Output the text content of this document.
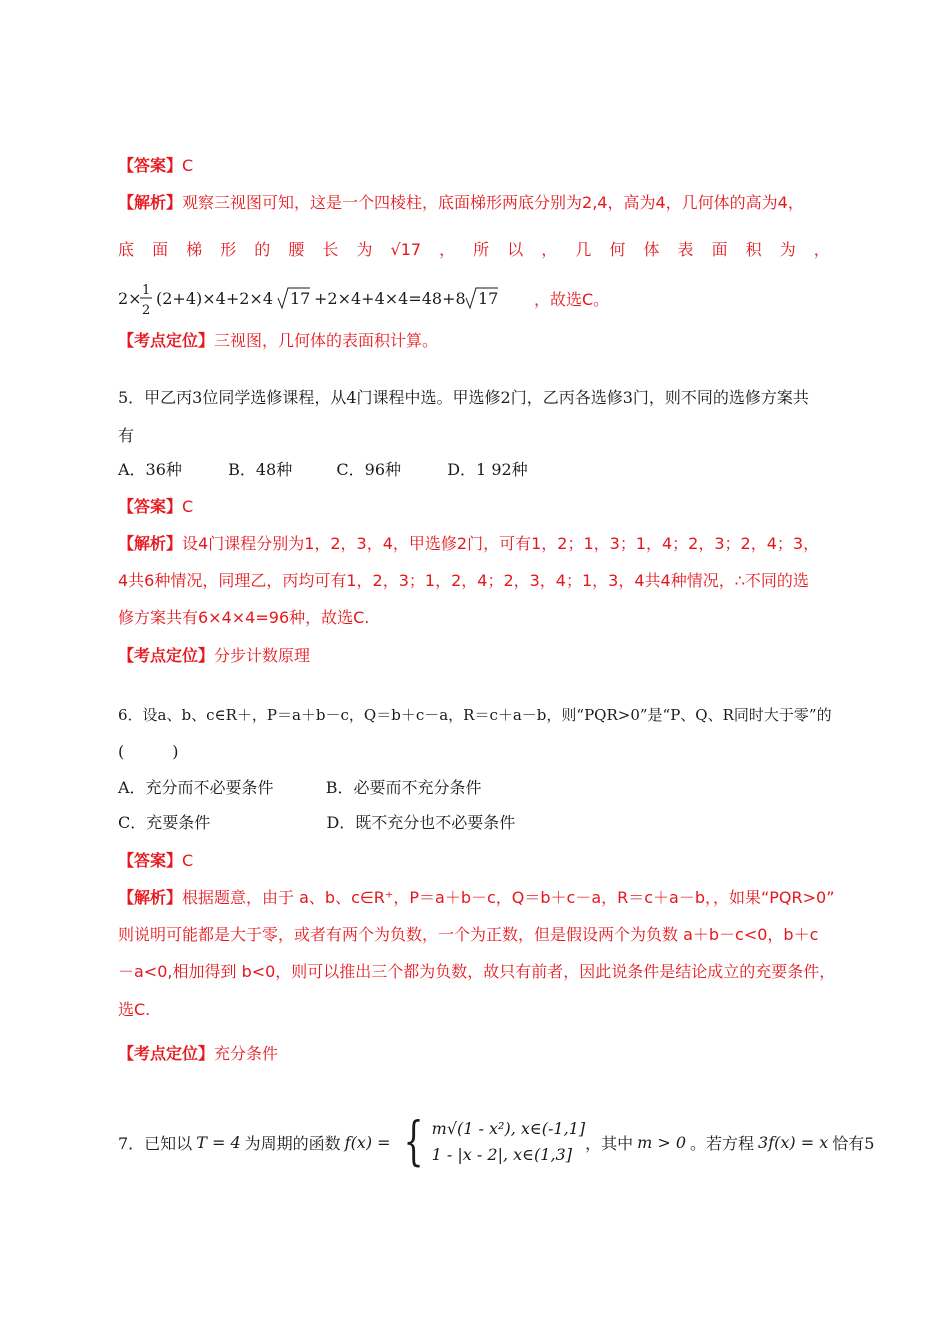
【答案】C
【解析】观察三视图可知，这是一个四棱柱，底面梯形两底分别为2,4，高为4，几何体的高为4，
底 面 梯 形 的 腰 长 为 √17 ， 所 以 ， 几 何 体 表 面 积 为 ，
2× 1
2
(2+4)×4+2×4 17 +2×4+4×4=48+8 17 ，故选C。
【考点定位】三视图，几何体的表面积计算。
5．甲乙丙3位同学选修课程，从4门课程中选。甲选修2门，乙丙各选修3门，则不同的选修方案共
有
A．36种	B．48种	C．96种	D．1 92种
【答案】C
【解析】设4门课程分别为1，2，3，4，甲选修2门，可有1，2；1，3；1，4；2，3；2，4；3，
4共6种情况，同理乙，丙均可有1，2，3；1，2，4；2，3，4；1，3，4共4种情况，∴不同的选
修方案共有6×4×4=96种，故选C.
【考点定位】分步计数原理
6．设a、b、c∈R＋，P＝a＋b－c，Q＝b＋c－a，R＝c＋a－b，则“PQR>0”是“P、Q、R同时大于零”的
(　　　)
A．充分而不必要条件	B．必要而不充分条件
C．充要条件	D．既不充分也不必要条件
【答案】C
【解析】根据题意，由于 a、b、c∈R⁺，P＝a＋b－c，Q＝b＋c－a，R＝c＋a－b，，如果“PQR>0”
则说明可能都是大于零，或者有两个为负数，一个为正数，但是假设两个为负数 a＋b－c<0，b＋c
－a<0,相加得到 b<0，则可以推出三个都为负数，故只有前者，因此说条件是结论成立的充要条件，
选C.
【考点定位】充分条件
7．已知以 T = 4 为周期的函数 f(x) = { m√(1 - x²), x∈(-1,1]
1 - |x - 2|, x∈(1,3]
，其中 m > 0 。若方程 3f(x) = x 恰有5
